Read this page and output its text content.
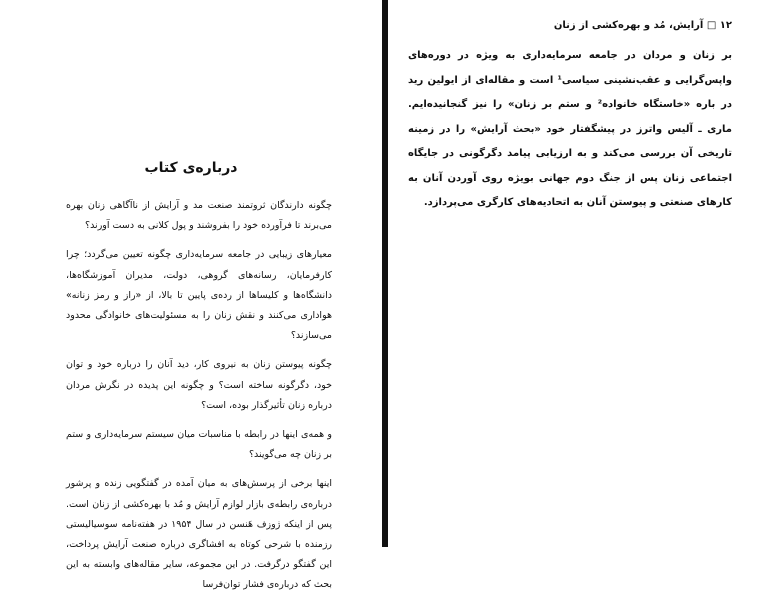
درباره‌ی کتاب

چگونه دارندگان ثروتمند صنعت مد و آرایش از ناآگاهی زنان بهره می‌برند تا فرآورده خود را بفروشند و پول کلانی به دست آورند؟

معیارهای زیبایی در جامعه سرمایه‌داری چگونه تعیین می‌گردد؛ چرا کارفرمایان، رسانه‌های گروهی، دولت، مدیران آموزشگاه‌ها، دانشگاه‌ها و کلیساها از رده‌ی پایین تا بالا، از «راز و رمز زنانه» هواداری می‌کنند و نقش زنان را به مسئولیت‌های خانوادگی محدود می‌سازند؟

چگونه پیوستن زنان به نیروی کار، دید آنان را درباره خود و توان خود، دگرگونه ساخته است؟ و چگونه این پدیده در نگرش مردان درباره زنان تأثیرگذار بوده، است؟

و همه‌ی اینها در رابطه با مناسبات میان سیستم سرمایه‌داری و ستم بر زنان چه می‌گویند؟

اینها برخی از پرسش‌های به میان آمده در گفتگویی زنده و پرشور درباره‌ی رابطه‌ی بازار لوازم آرایش و مُد با بهره‌کشی از زنان است. پس از اینکه ژوزف هَنسن در سال ۱۹۵۴ در هفته‌نامه سوسیالیستی رزمنده با شرحی کوتاه به افشاگری درباره صنعت آرایش پرداخت، این گفتگو درگرفت. در این مجموعه، سایر مقاله‌های وابسته به این بحث که درباره‌ی فشار توان‌فرسا

۱۲ □ آرایش، مُد و بهره‌کشی از زنان

بر زنان و مردان در جامعه سرمایه‌داری به ویژه در دوره‌های واپس‌گرایی و عقب‌نشینی سیاسی¹ است و مقاله‌ای از ایولین رید در باره «خاستگاه خانواده² و ستم بر زنان» را نیز گنجانیده‌ایم. ماری ـ آلیس واترز در پیشگفتار خود «بحث آرایش» را در زمینه تاریخی آن بررسی می‌کند و به ارزیابی پیامد دگرگونی در جایگاه اجتماعی زنان پس از جنگ دوم جهانی بویژه روی آوردن آنان به کارهای صنعتی و پیوستن آنان به اتحادیه‌های کارگری می‌پردازد.
